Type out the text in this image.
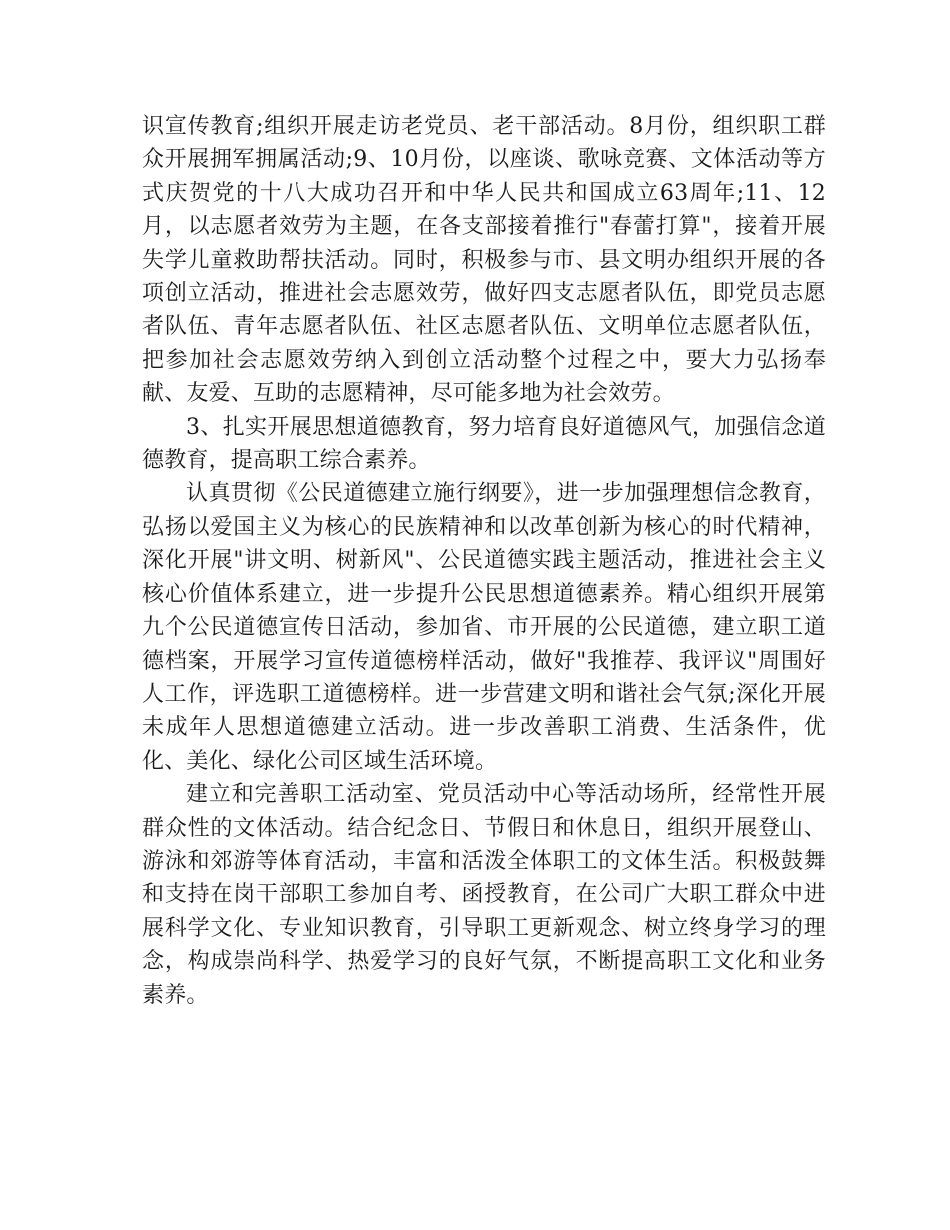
识宣传教育;组织开展走访老党员、老干部活动。8月份，组织职工群众开展拥军拥属活动;9、10月份，以座谈、歌咏竞赛、文体活动等方式庆贺党的十八大成功召开和中华人民共和国成立63周年;11、12月，以志愿者效劳为主题，在各支部接着推行"春蕾打算"，接着开展失学儿童救助帮扶活动。同时，积极参与市、县文明办组织开展的各项创立活动，推进社会志愿效劳，做好四支志愿者队伍，即党员志愿者队伍、青年志愿者队伍、社区志愿者队伍、文明单位志愿者队伍，把参加社会志愿效劳纳入到创立活动整个过程之中，要大力弘扬奉献、友爱、互助的志愿精神，尽可能多地为社会效劳。

3、扎实开展思想道德教育，努力培育良好道德风气，加强信念道德教育，提高职工综合素养。

认真贯彻《公民道德建立施行纲要》，进一步加强理想信念教育，弘扬以爱国主义为核心的民族精神和以改革创新为核心的时代精神，深化开展"讲文明、树新风"、公民道德实践主题活动，推进社会主义核心价值体系建立，进一步提升公民思想道德素养。精心组织开展第九个公民道德宣传日活动，参加省、市开展的公民道德，建立职工道德档案，开展学习宣传道德榜样活动，做好"我推荐、我评议"周围好人工作，评选职工道德榜样。进一步营建文明和谐社会气氛;深化开展未成年人思想道德建立活动。进一步改善职工消费、生活条件，优化、美化、绿化公司区域生活环境。

建立和完善职工活动室、党员活动中心等活动场所，经常性开展群众性的文体活动。结合纪念日、节假日和休息日，组织开展登山、游泳和郊游等体育活动，丰富和活泼全体职工的文体生活。积极鼓舞和支持在岗干部职工参加自考、函授教育，在公司广大职工群众中进展科学文化、专业知识教育，引导职工更新观念、树立终身学习的理念，构成崇尚科学、热爱学习的良好气氛，不断提高职工文化和业务素养。
